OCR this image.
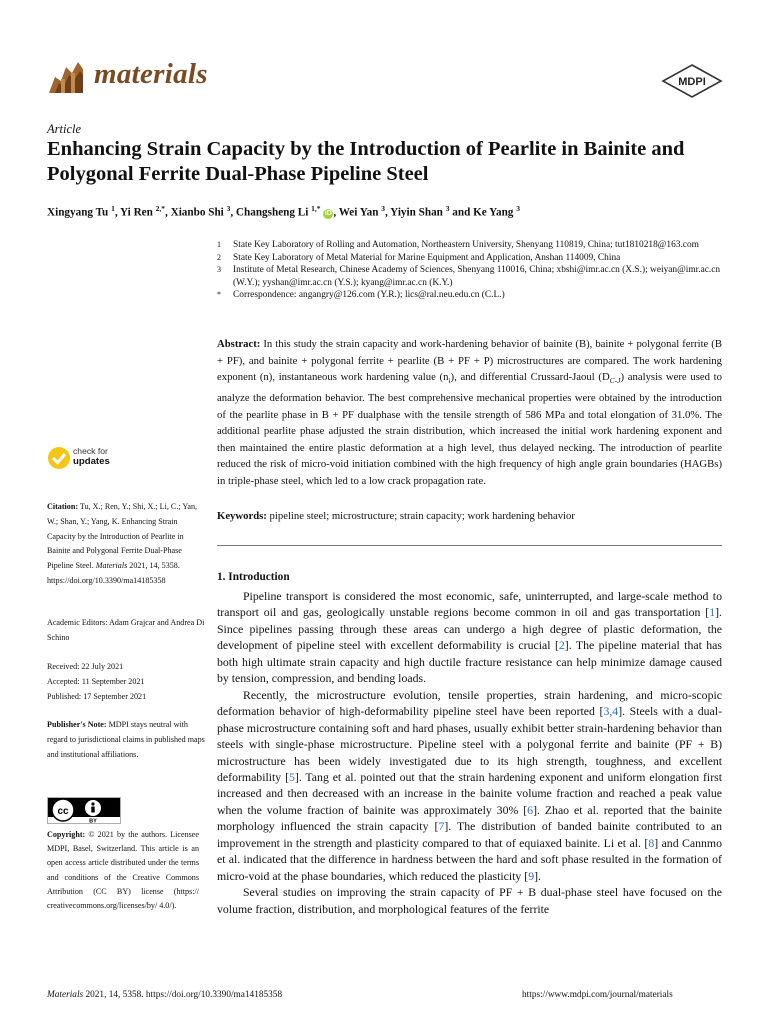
materials	MDPI
Article
Enhancing Strain Capacity by the Introduction of Pearlite in Bainite and Polygonal Ferrite Dual-Phase Pipeline Steel
Xingyang Tu $^1$, Yi Ren $^{2,*}$, Xianbo Shi $^3$, Changsheng Li $^{1,*}$ iD , Wei Yan $^3$, Yiyin Shan $^3$ and Ke Yang $^3$
1	State Key Laboratory of Rolling and Automation, Northeastern University, Shenyang 110819, China; tut1810218@163.com
2	State Key Laboratory of Metal Material for Marine Equipment and Application, Anshan 114009, China
3	Institute of Metal Research, Chinese Academy of Sciences, Shenyang 110016, China; xbshi@imr.ac.cn (X.S.); weiyan@imr.ac.cn (W.Y.); yyshan@imr.ac.cn (Y.S.); kyang@imr.ac.cn (K.Y.)
*	Correspondence: angangry@126.com (Y.R.); lics@ral.neu.edu.cn (C.L.)
Abstract: In this study the strain capacity and work-hardening behavior of bainite (B), bainite + polygonal ferrite (B + PF), and bainite + polygonal ferrite + pearlite (B + PF + P) microstructures are compared. The work hardening exponent (n), instantaneous work hardening value $(n_i)$, and differential Crussard-Jaoul $(D_{C-J})$ analysis were used to analyze the deformation behavior. The best comprehensive mechanical properties were obtained by the introduction of the pearlite phase in B + PF dualphase with the tensile strength of 586 MPa and total elongation of 31.0%. The additional pearlite phase adjusted the strain distribution, which increased the initial work hardening exponent and then maintained the entire plastic deformation at a high level, thus delayed necking. The introduction of pearlite reduced the risk of micro-void initiation combined with the high frequency of high angle grain boundaries (HAGBs) in triple-phase steel, which led to a low crack propagation rate.
Keywords: pipeline steel; microstructure; strain capacity; work hardening behavior
check for
updates
Citation: Tu, X.; Ren, Y.; Shi, X.; Li, C.; Yan, W.; Shan, Y.; Yang, K. Enhancing Strain Capacity by the Introduction of Pearlite in Bainite and Polygonal Ferrite Dual-Phase Pipeline Steel. Materials 2021, 14, 5358. https://doi.org/10.3390/ma14185358
Academic Editors: Adam Grajcar and Andrea Di Schino
Received: 22 July 2021
Accepted: 11 September 2021
Published: 17 September 2021
Publisher's Note: MDPI stays neutral with regard to jurisdictional claims in published maps and institutional affiliations.
cc
BY
Copyright: © 2021 by the authors. Licensee MDPI, Basel, Switzerland. This article is an open access article distributed under the terms and conditions of the Creative Commons Attribution (CC BY) license (https:// creativecommons.org/licenses/by/ 4.0/).
1. Introduction

Pipeline transport is considered the most economic, safe, uninterrupted, and large-scale method to transport oil and gas, geologically unstable regions become common in oil and gas transportation [1]. Since pipelines passing through these areas can undergo a high degree of plastic deformation, the development of pipeline steel with excellent deformability is crucial [2]. The pipeline material that has both high ultimate strain capacity and high ductile fracture resistance can help minimize damage caused by tension, compression, and bending loads.

Recently, the microstructure evolution, tensile properties, strain hardening, and micro-scopic deformation behavior of high-deformability pipeline steel have been reported [3,4]. Steels with a dual-phase microstructure containing soft and hard phases, usually exhibit better strain-hardening behavior than steels with single-phase microstructure. Pipeline steel with a polygonal ferrite and bainite (PF + B) microstructure has been widely investigated due to its high strength, toughness, and excellent deformability [5]. Tang et al. pointed out that the strain hardening exponent and uniform elongation first increased and then decreased with an increase in the bainite volume fraction and reached a peak value when the volume fraction of bainite was approximately 30% [6]. Zhao et al. reported that the bainite morphology influenced the strain capacity [7]. The distribution of banded bainite contributed to an improvement in the strength and plasticity compared to that of equiaxed bainite. Li et al. [8] and Cannmo et al. indicated that the difference in hardness between the hard and soft phase resulted in the formation of micro-void at the phase boundaries, which reduced the plasticity [9].

Several studies on improving the strain capacity of PF + B dual-phase steel have focused on the volume fraction, distribution, and morphological features of the ferrite

Materials 2021, 14, 5358. https://doi.org/10.3390/ma14185358	https://www.mdpi.com/journal/materials
